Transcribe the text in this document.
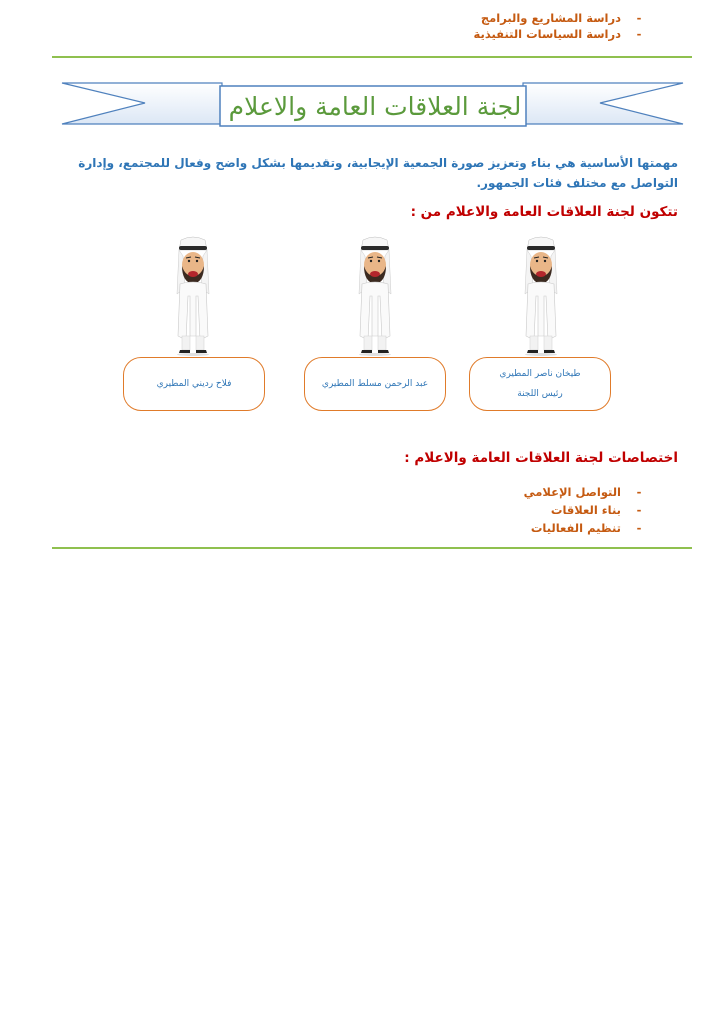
-
دراسة المشاريع والبرامج
-
دراسة السياسات التنفيذية
لجنة العلاقات العامة والاعلام
مهمتها الأساسية هي بناء وتعزيز صورة الجمعية الإيجابية، وتقديمها بشكل واضح وفعال للمجتمع، وإدارة التواصل مع مختلف فئات الجمهور.
تتكون لجنة العلاقات العامة والاعلام من :
طيخان ناصر المطيري
رئيس اللجنة
عبد الرحمن مسلط المطيري
فلاح رديني المطيري
اختصاصات لجنة العلاقات العامة والاعلام :
-
التواصل الإعلامي
-
بناء العلاقات
-
تنظيم الفعاليات
